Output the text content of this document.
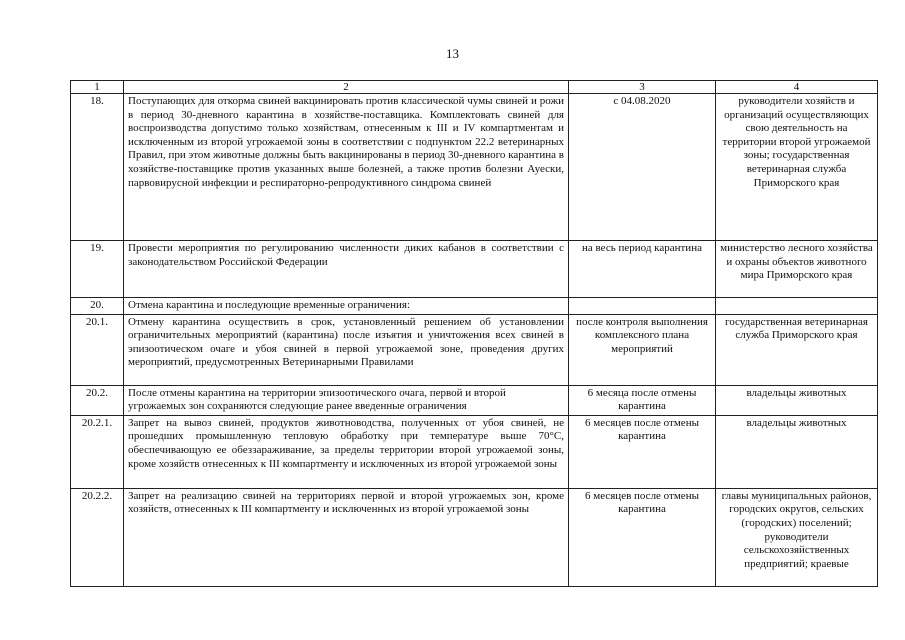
13
1	2	3	4
18.	Поступающих для откорма свиней вакцинировать против классической чумы свиней и рожи в период 30-дневного карантина в хозяйстве-поставщика. Комплектовать свиней для воспроизводства допустимо только хозяйствам, отнесенным к III и IV компартментам и исключенным из второй угрожаемой зоны в соответствии с подпунктом 22.2 ветеринарных Правил, при этом животные должны быть вакцинированы в период 30-дневного карантина в хозяйстве-поставщике против указанных выше болезней, а также против болезни Ауески, парвовирусной инфекции и респираторно-репродуктивного синдрома свиней	с 04.08.2020	руководители хозяйств и организаций осуществляющих свою деятельность на территории второй угрожаемой зоны; государственная ветеринарная служба Приморского края
19.	Провести мероприятия по регулированию численности диких кабанов в соответствии с законодательством Российской Федерации	на весь период карантина	министерство лесного хозяйства и охраны объектов животного мира Приморского края
20.	Отмена карантина и последующие временные ограничения:		
20.1.	Отмену карантина осуществить в срок, установленный решением об установлении ограничительных мероприятий (карантина) после изъятия и уничтожения всех свиней в эпизоотическом очаге и убоя свиней в первой угрожаемой зоне, проведения других мероприятий, предусмотренных Ветеринарными Правилами	после контроля выполнения комплексного плана мероприятий	государственная ветеринарная служба Приморского края
20.2.	После отмены карантина на территории эпизоотического очага, первой и второй угрожаемых зон сохраняются следующие ранее введенные ограничения	6 месяца после отмены карантина	владельцы животных
20.2.1.	Запрет на вывоз свиней, продуктов животноводства, полученных от убоя свиней, не прошедших промышленную тепловую обработку при температуре выше 70°С, обеспечивающую ее обеззараживание, за пределы территории второй угрожаемой зоны, кроме хозяйств отнесенных к III компартменту и исключенных из второй угрожаемой зоны	6 месяцев после отмены карантина	владельцы животных
20.2.2.	Запрет на реализацию свиней на территориях первой и второй угрожаемых зон, кроме хозяйств, отнесенных к III компартменту и исключенных из второй угрожаемой зоны	6 месяцев после отмены карантина	главы муниципальных районов, городских округов, сельских (городских) поселений; руководители сельскохозяйственных предприятий; краевые
